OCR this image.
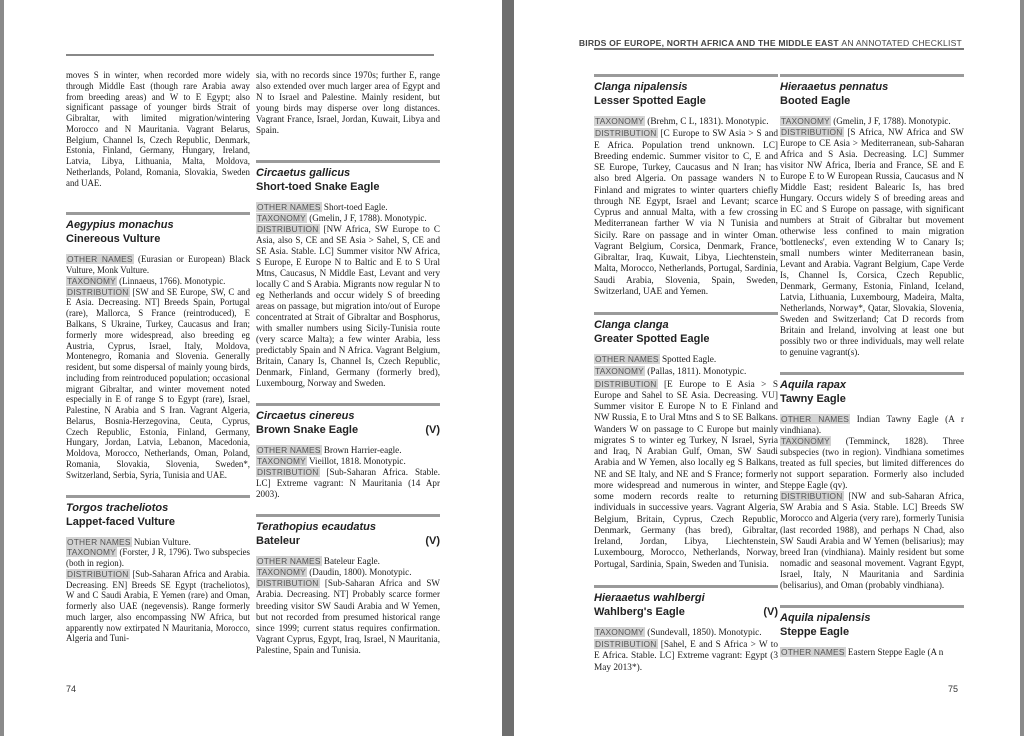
moves S in winter, when recorded more widely through Middle East (though rare Arabia away from breeding areas) and W to E Egypt; also significant passage of younger birds Strait of Gibraltar, with limited migration/wintering Morocco and N Mauritania. Vagrant Belarus, Belgium, Channel Is, Czech Republic, Denmark, Estonia, Finland, Germany, Hungary, Ireland, Latvia, Libya, Lithuania, Malta, Moldova, Netherlands, Poland, Romania, Slovakia, Sweden and UAE.

Aegypius monachus
Cinereous Vulture

OTHER NAMES (Eurasian or European) Black Vulture, Monk Vulture.

TAXONOMY (Linnaeus, 1766). Monotypic.

DISTRIBUTION [SW and SE Europe, SW, C and E Asia. Decreasing. NT] Breeds Spain, Portugal (rare), Mallorca, S France (reintroduced), E Balkans, S Ukraine, Turkey, Caucasus and Iran; formerly more widespread, also breeding eg Austria, Cyprus, Israel, Italy, Moldova, Montenegro, Romania and Slovenia. Generally resident, but some dispersal of mainly young birds, including from reintroduced population; occasional migrant Gibraltar, and winter movement noted especially in E of range S to Egypt (rare), Israel, Palestine, N Arabia and S Iran. Vagrant Algeria, Belarus, Bosnia-Herzegovina, Ceuta, Cyprus, Czech Republic, Estonia, Finland, Germany, Hungary, Jordan, Latvia, Lebanon, Macedonia, Moldova, Morocco, Netherlands, Oman, Poland, Romania, Slovakia, Slovenia, Sweden*, Switzerland, Serbia, Syria, Tunisia and UAE.

Torgos tracheliotos
Lappet-faced Vulture

OTHER NAMES Nubian Vulture.

TAXONOMY (Forster, J R, 1796). Two subspecies (both in region).

DISTRIBUTION [Sub-Saharan Africa and Arabia. Decreasing. EN] Breeds SE Egypt (tracheliotos), W and C Saudi Arabia, E Yemen (rare) and Oman, formerly also UAE (negevensis). Range formerly much larger, also encompassing NW Africa, but apparently now extirpated N Mauritania, Morocco, Algeria and Tuni-

sia, with no records since 1970s; further E, range also extended over much larger area of Egypt and N to Israel and Palestine. Mainly resident, but young birds may disperse over long distances. Vagrant France, Israel, Jordan, Kuwait, Libya and Spain.

Circaetus gallicus
Short-toed Snake Eagle

OTHER NAMES Short-toed Eagle.

TAXONOMY (Gmelin, J F, 1788). Monotypic.

DISTRIBUTION [NW Africa, SW Europe to C Asia, also S, CE and SE Asia > Sahel, S, CE and SE Asia. Stable. LC] Summer visitor NW Africa, S Europe, E Europe N to Baltic and E to S Ural Mtns, Caucasus, N Middle East, Levant and very locally C and S Arabia. Migrants now regular N to eg Netherlands and occur widely S of breeding areas on passage, but migration into/out of Europe concentrated at Strait of Gibraltar and Bosphorus, with smaller numbers using Sicily-Tunisia route (very scarce Malta); a few winter Arabia, less predictably Spain and N Africa. Vagrant Belgium, Britain, Canary Is, Channel Is, Czech Republic, Denmark, Finland, Germany (formerly bred), Luxembourg, Norway and Sweden.

Circaetus cinereus
Brown Snake Eagle	(V)

OTHER NAMES Brown Harrier-eagle.

TAXONOMY Vieillot, 1818. Monotypic.

DISTRIBUTION [Sub-Saharan Africa. Stable. LC] Extreme vagrant: N Mauritania (14 Apr 2003).

Terathopius ecaudatus
Bateleur	(V)

OTHER NAMES Bateleur Eagle.

TAXONOMY (Daudin, 1800). Monotypic.

DISTRIBUTION [Sub-Saharan Africa and SW Arabia. Decreasing. NT] Probably scarce former breeding visitor SW Saudi Arabia and W Yemen, but not recorded from presumed historical range since 1999; current status requires confirmation. Vagrant Cyprus, Egypt, Iraq, Israel, N Mauritania, Palestine, Spain and Tunisia.

74
BIRDS OF EUROPE, NORTH AFRICA AND THE MIDDLE EAST AN ANNOTATED CHECKLIST
Clanga nipalensis
Lesser Spotted Eagle

TAXONOMY (Brehm, C L, 1831). Monotypic.

DISTRIBUTION [C Europe to SW Asia > S and E Africa. Population trend unknown. LC] Breeding endemic. Summer visitor to C, E and SE Europe, Turkey, Caucasus and N Iran; has also bred Algeria. On passage wanders N to Finland and migrates to winter quarters chiefly through NE Egypt, Israel and Levant; scarce Cyprus and annual Malta, with a few crossing Mediterranean farther W via N Tunisia and Sicily. Rare on passage and in winter Oman. Vagrant Belgium, Corsica, Denmark, France, Gibraltar, Iraq, Kuwait, Libya, Liechtenstein, Malta, Morocco, Netherlands, Portugal, Sardinia, Saudi Arabia, Slovenia, Spain, Sweden, Switzerland, UAE and Yemen.

Clanga clanga
Greater Spotted Eagle

OTHER NAMES Spotted Eagle.

TAXONOMY (Pallas, 1811). Monotypic.

DISTRIBUTION [E Europe to E Asia > S Europe and Sahel to SE Asia. Decreasing. VU] Summer visitor E Europe N to E Finland and NW Russia, E to Ural Mtns and S to SE Balkans. Wanders W on passage to C Europe but mainly migrates S to winter eg Turkey, N Israel, Syria and Iraq, N Arabian Gulf, Oman, SW Saudi Arabia and W Yemen, also locally eg S Balkans, NE and SE Italy, and NE and S France; formerly more widespread and numerous in winter, and some modern records realte to returning individuals in successive years. Vagrant Algeria, Belgium, Britain, Cyprus, Czech Republic, Denmark, Germany (has bred), Gibraltar, Ireland, Jordan, Libya, Liechtenstein, Luxembourg, Morocco, Netherlands, Norway, Portugal, Sardinia, Spain, Sweden and Tunisia.

Hieraaetus wahlbergi
Wahlberg's Eagle	(V)

TAXONOMY (Sundevall, 1850). Monotypic.

DISTRIBUTION [Sahel, E and S Africa > W to E Africa. Stable. LC] Extreme vagrant: Egypt (3 May 2013*).

Hieraaetus pennatus
Booted Eagle

TAXONOMY (Gmelin, J F, 1788). Monotypic.

DISTRIBUTION [S Africa, NW Africa and SW Europe to CE Asia > Mediterranean, sub-Saharan Africa and S Asia. Decreasing. LC] Summer visitor NW Africa, Iberia and France, SE and E Europe E to W European Russia, Caucasus and N Middle East; resident Balearic Is, has bred Hungary. Occurs widely S of breeding areas and in EC and S Europe on passage, with significant numbers at Strait of Gibraltar but movement otherwise less confined to main migration 'bottlenecks', even extending W to Canary Is; small numbers winter Mediterranean basin, Levant and Arabia. Vagrant Belgium, Cape Verde Is, Channel Is, Corsica, Czech Republic, Denmark, Germany, Estonia, Finland, Iceland, Latvia, Lithuania, Luxembourg, Madeira, Malta, Netherlands, Norway*, Qatar, Slovakia, Slovenia, Sweden and Switzerland; Cat D records from Britain and Ireland, involving at least one but possibly two or three individuals, may well relate to genuine vagrant(s).

Aquila rapax
Tawny Eagle

OTHER NAMES Indian Tawny Eagle (A r vindhiana).

TAXONOMY (Temminck, 1828). Three subspecies (two in region). Vindhiana sometimes treated as full species, but limited differences do not support separation. Formerly also included Steppe Eagle (qv).

DISTRIBUTION [NW and sub-Saharan Africa, SW Arabia and S Asia. Stable. LC] Breeds SW Morocco and Algeria (very rare), formerly Tunisia (last recorded 1988), and perhaps N Chad, also SW Saudi Arabia and W Yemen (belisarius); may breed Iran (vindhiana). Mainly resident but some nomadic and seasonal movement. Vagrant Egypt, Israel, Italy, N Mauritania and Sardinia (belisarius), and Oman (probably vindhiana).

Aquila nipalensis
Steppe Eagle

OTHER NAMES Eastern Steppe Eagle (A n

75
